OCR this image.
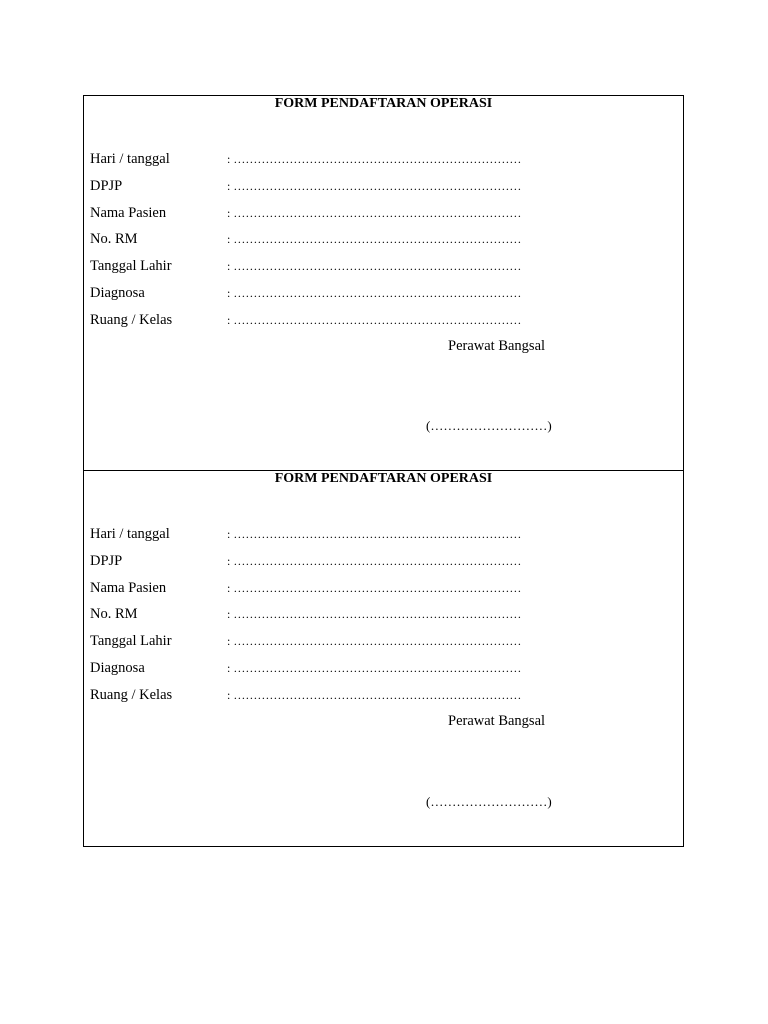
FORM PENDAFTARAN OPERASI
Hari / tanggal	: ………………………………………………………………
DPJP	: ………………………………………………………………
Nama Pasien	: ………………………………………………………………
No. RM	: ………………………………………………………………
Tanggal Lahir	: ………………………………………………………………
Diagnosa	: ………………………………………………………………
Ruang / Kelas	: ………………………………………………………………
Perawat Bangsal
(………………………)
FORM PENDAFTARAN OPERASI
Hari / tanggal	: ………………………………………………………………
DPJP	: ………………………………………………………………
Nama Pasien	: ………………………………………………………………
No. RM	: ………………………………………………………………
Tanggal Lahir	: ………………………………………………………………
Diagnosa	: ………………………………………………………………
Ruang / Kelas	: ………………………………………………………………
Perawat Bangsal
(………………………)
